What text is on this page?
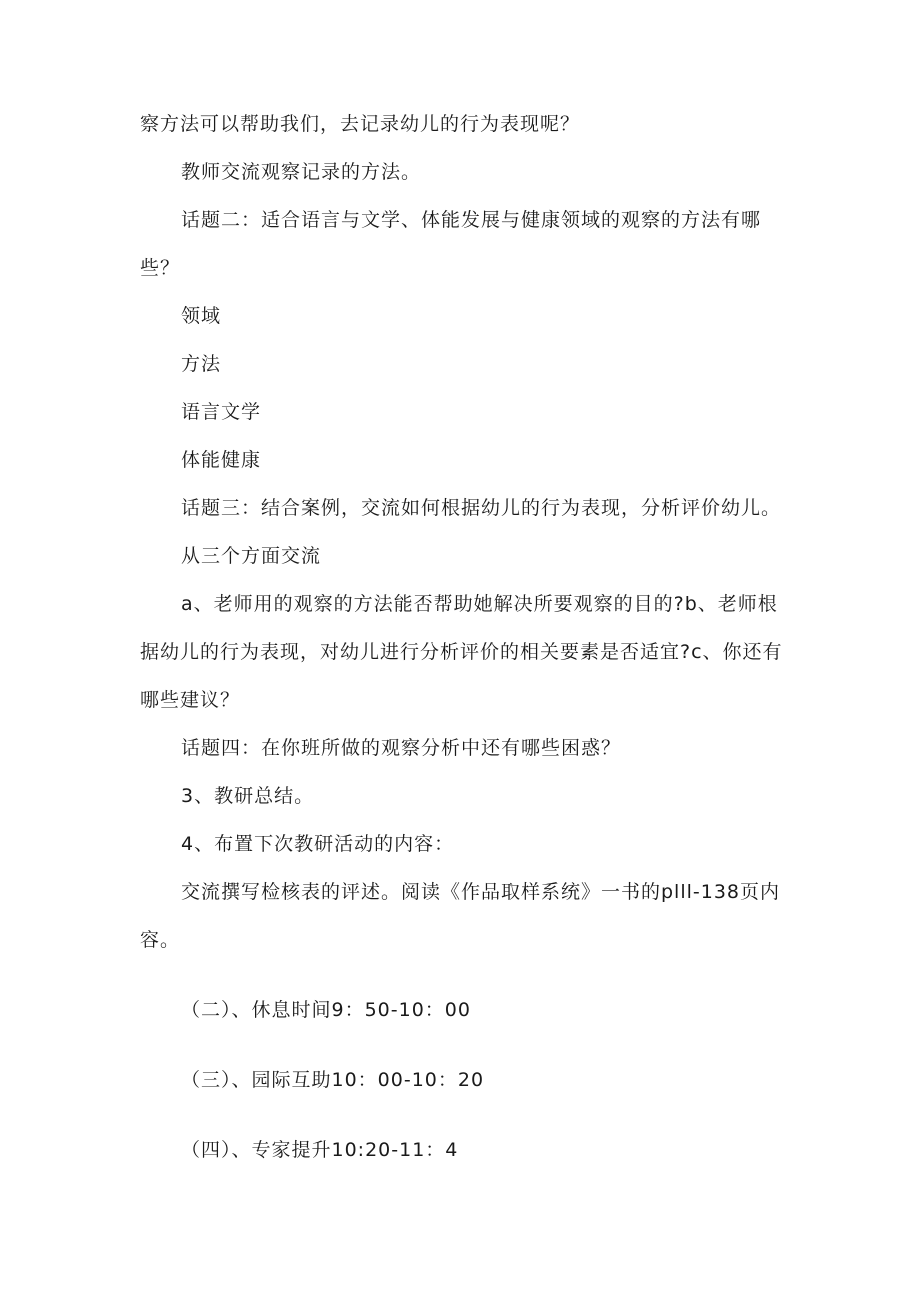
察方法可以帮助我们，去记录幼儿的行为表现呢？

教师交流观察记录的方法。

话题二：适合语言与文学、体能发展与健康领域的观察的方法有哪些？

领域

方法

语言文学

体能健康

话题三：结合案例，交流如何根据幼儿的行为表现，分析评价幼儿。

从三个方面交流

a、老师用的观察的方法能否帮助她解决所要观察的目的?b、老师根据幼儿的行为表现，对幼儿进行分析评价的相关要素是否适宜?c、你还有哪些建议？

话题四：在你班所做的观察分析中还有哪些困惑？

3、教研总结。

4、布置下次教研活动的内容：

交流撰写检核表的评述。阅读《作品取样系统》一书的plll-138页内容。

（二）、休息时间9：50-10：00

（三）、园际互助10：00-10：20

（四）、专家提升10:20-11：4
